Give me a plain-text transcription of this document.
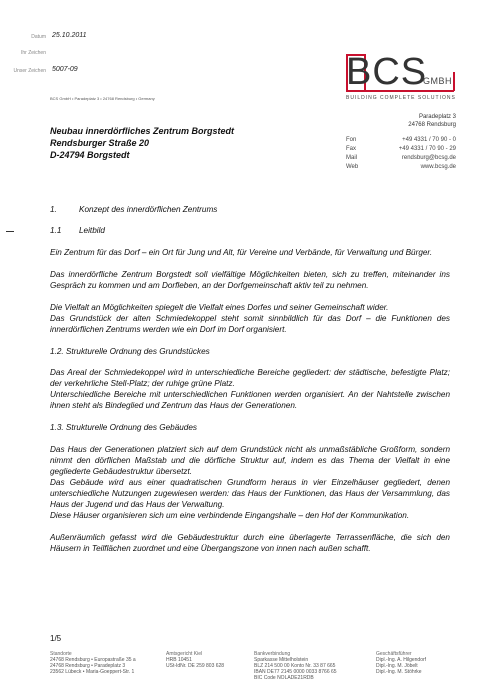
Datum 25.10.2011
Ihr Zeichen
Unser Zeichen 5007-09	BCS
GMBH
BUILDING COMPLETE SOLUTIONS
BCS GmbH • Paradeplatz 3 • 24768 Rendsburg • Germany
Paradeplatz 3
24768 Rendsburg
Neubau innerdörfliches Zentrum Borgstedt
Rendsburger Straße 20
D-24794 Borgstedt
Fon	+49 4331 / 70 90 - 0
Fax	+49 4331 / 70 90 - 29
Mail	rendsburg@bcsg.de
Web	www.bcsg.de
1.	Konzept des innerdörflichen Zentrums
1.1 Leitbild
Ein Zentrum für das Dorf – ein Ort für Jung und Alt, für Vereine und Verbände, für Verwaltung und Bürger.
Das innerdörfliche Zentrum Borgstedt soll vielfältige Möglichkeiten bieten, sich zu treffen, miteinander ins Gespräch zu kommen und am Dorfleben, an der Dorfgemeinschaft aktiv teil zu nehmen.
Die Vielfalt an Möglichkeiten spiegelt die Vielfalt eines Dorfes und seiner Gemeinschaft wider.
Das Grundstück der alten Schmiedekoppel steht somit sinnbildlich für das Dorf – die Funktionen des innerdörflichen Zentrums werden wie ein Dorf im Dorf organisiert.
1.2. Strukturelle Ordnung des Grundstückes
Das Areal der Schmiedekoppel wird in unterschiedliche Bereiche gegliedert: der städtische, befestigte Platz; der verkehrliche Stell-Platz; der ruhige grüne Platz.
Unterschiedliche Bereiche mit unterschiedlichen Funktionen werden organisiert. An der Nahtstelle zwischen ihnen steht als Bindeglied und Zentrum das Haus der Generationen.
1.3. Strukturelle Ordnung des Gebäudes
Das Haus der Generationen platziert sich auf dem Grundstück nicht als unmaßstäbliche Großform, sondern nimmt den dörflichen Maßstab und die dörfliche Struktur auf, indem es das Thema der Vielfalt in eine gegliederte Gebäudestruktur übersetzt.
Das Gebäude wird aus einer quadratischen Grundform heraus in vier Einzelhäuser gegliedert, denen unterschiedliche Nutzungen zugewiesen werden: das Haus der Funktionen, das Haus der Versammlung, das Haus der Jugend und das Haus der Verwaltung.
Diese Häuser organisieren sich um eine verbindende Eingangshalle – den Hof der Kommunikation.
Außenräumlich gefasst wird die Gebäudestruktur durch eine überlagerte Terrassenfläche, die sich den Häusern in Teilflächen zuordnet und eine Übergangszone von innen nach außen schafft.
1/5
Standorte
24768 Rendsburg • Europastraße 35 a
24768 Rendsburg • Paradeplatz 3
23562 Lübeck • Maria-Goeppert-Str. 1
Amtsgericht Kiel
HRB 10451
USt-IdNr. DE 259 803 628
Bankverbindung
Sparkasse Mittelholstein
BLZ 214 500 00 Konto Nr. 33 87 665
IBAN DE77 2145 0000 0033 8766 65
BIC Code NOLADE21RDB
Geschäftsführer
Dipl.-Ing. A. Hilgendorf
Dipl.-Ing. M. Jöbelt
Dipl.-Ing. M. Stöhrke
